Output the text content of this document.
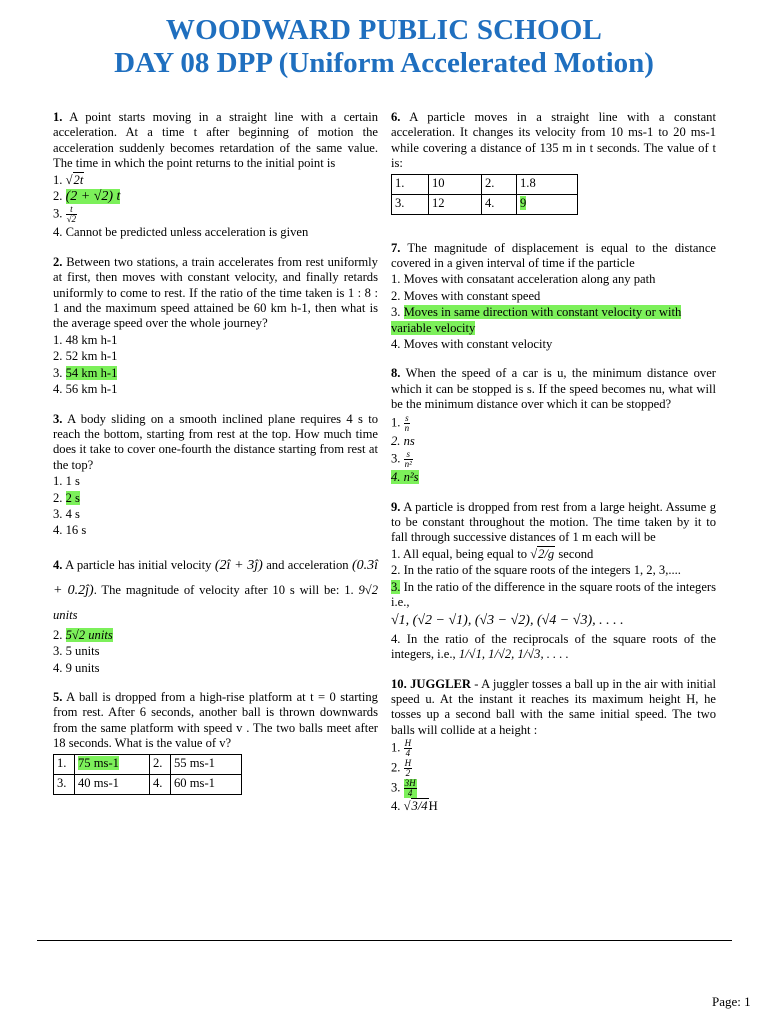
WOODWARD PUBLIC SCHOOL
DAY 08 DPP (Uniform Accelerated Motion)

1. A point starts moving in a straight line with a certain acceleration. At a time t after beginning of motion the acceleration suddenly becomes retardation of the same value. The time in which the point returns to the initial point is

1. √2t
2. (2 + √2) t
3. $\frac{t}{√2}$
4. Cannot be predicted unless acceleration is given

2. Between two stations, a train accelerates from rest uniformly at first, then moves with constant velocity, and finally retards uniformly to come to rest. If the ratio of the time taken is 1 : 8 : 1 and the maximum speed attained be 60 km h-1, then what is the average speed over the whole journey?

1. 48 km h-1
2. 52 km h-1
3. 54 km h-1
4. 56 km h-1

3. A body sliding on a smooth inclined plane requires 4 s to reach the bottom, starting from rest at the top. How much time does it take to cover one-fourth the distance starting from rest at the top?

1. 1 s
2. 2 s
3. 4 s
4. 16 s

4. A particle has initial velocity (2î + 3ĵ) and acceleration (0.3î + 0.2ĵ). The magnitude of velocity after 10 s will be: 1. 9√2 units

2. 5√2 units
3. 5 units
4. 9 units

5. A ball is dropped from a high-rise platform at t = 0 starting from rest. After 6 seconds, another ball is thrown downwards from the same platform with speed v . The two balls meet after 18 seconds. What is the value of v?

1.	75 ms-1	2.	55 ms-1
3.	40 ms-1	4.	60 ms-1

6. A particle moves in a straight line with a constant acceleration. It changes its velocity from 10 ms-1 to 20 ms-1 while covering a distance of 135 m in t seconds. The value of t is:

1.	10	2.	1.8
3.	12	4.	9

7. The magnitude of displacement is equal to the distance covered in a given interval of time if the particle

1. Moves with consatant acceleration along any path
2. Moves with constant speed
3. Moves in same direction with constant velocity or with variable velocity
4. Moves with constant velocity

8. When the speed of a car is u, the minimum distance over which it can be stopped is s. If the speed becomes nu, what will be the minimum distance over which it can be stopped?

1. $\frac{s}{n}$
2. ns
3. $\frac{s}{\text{n²}}$
4. n²s

9. A particle is dropped from rest from a large height. Assume g to be constant throughout the motion. The time taken by it to fall through successive distances of 1 m each will be

1. All equal, being equal to √2/g second
2. In the ratio of the square roots of the integers 1, 2, 3,....
3. In the ratio of the difference in the square roots of the integers i.e.,
√1, (√2 − √1), (√3 − √2), (√4 − √3), . . . .
4. In the ratio of the reciprocals of the square roots of the integers, i.e., 1/√1, 1/√2, 1/√3, . . . .

10. JUGGLER - A juggler tosses a ball up in the air with initial speed u. At the instant it reaches its maximum height H, he tosses up a second ball with the same initial speed. The two balls will collide at a height :

1. $\frac{H}{4}$
2. $\frac{H}{2}$
3. $\frac{3H}{4}$
4. √3/4H
Page: 1
